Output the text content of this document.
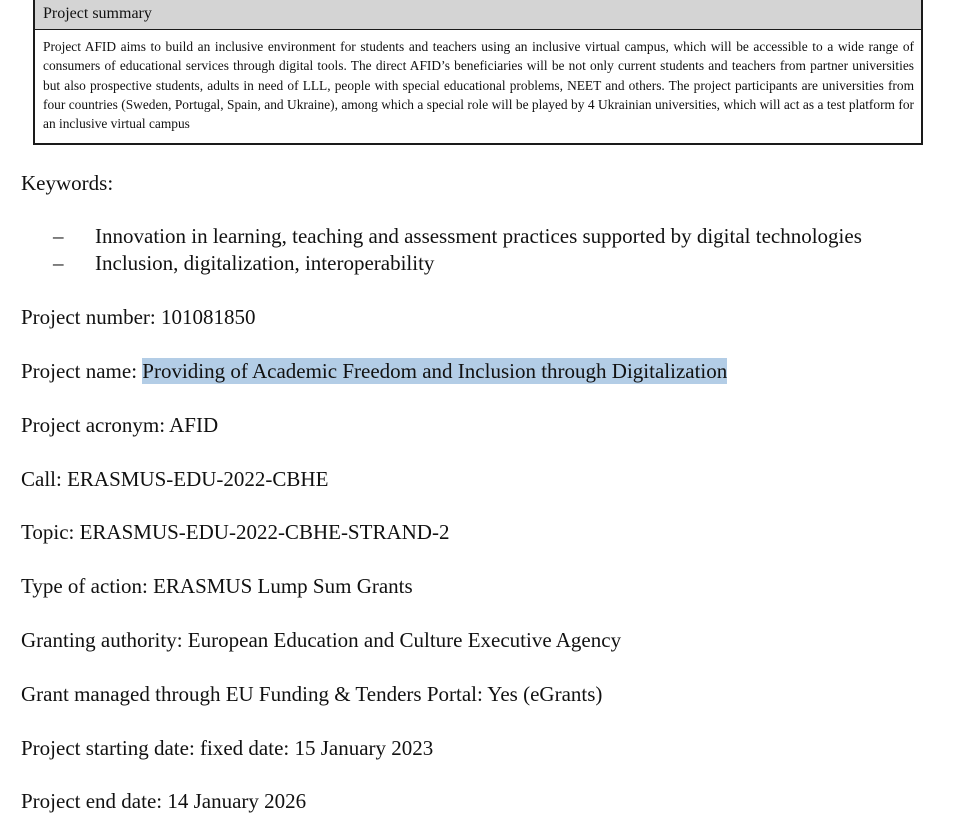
Project summary
Project AFID aims to build an inclusive environment for students and teachers using an inclusive virtual campus, which will be accessible to a wide range of consumers of educational services through digital tools. The direct AFID’s beneficiaries will be not only current students and teachers from partner universities but also prospective students, adults in need of LLL, people with special educational problems, NEET and others. The project participants are universities from four countries (Sweden, Portugal, Spain, and Ukraine), among which a special role will be played by 4 Ukrainian universities, which will act as a test platform for an inclusive virtual campus
Keywords:
– Innovation in learning, teaching and assessment practices supported by digital technologies
– Inclusion, digitalization, interoperability
Project number: 101081850
Project name: Providing of Academic Freedom and Inclusion through Digitalization
Project acronym: AFID
Call: ERASMUS-EDU-2022-CBHE
Topic: ERASMUS-EDU-2022-CBHE-STRAND-2
Type of action: ERASMUS Lump Sum Grants
Granting authority: European Education and Culture Executive Agency
Grant managed through EU Funding & Tenders Portal: Yes (eGrants)
Project starting date: fixed date: 15 January 2023
Project end date: 14 January 2026
